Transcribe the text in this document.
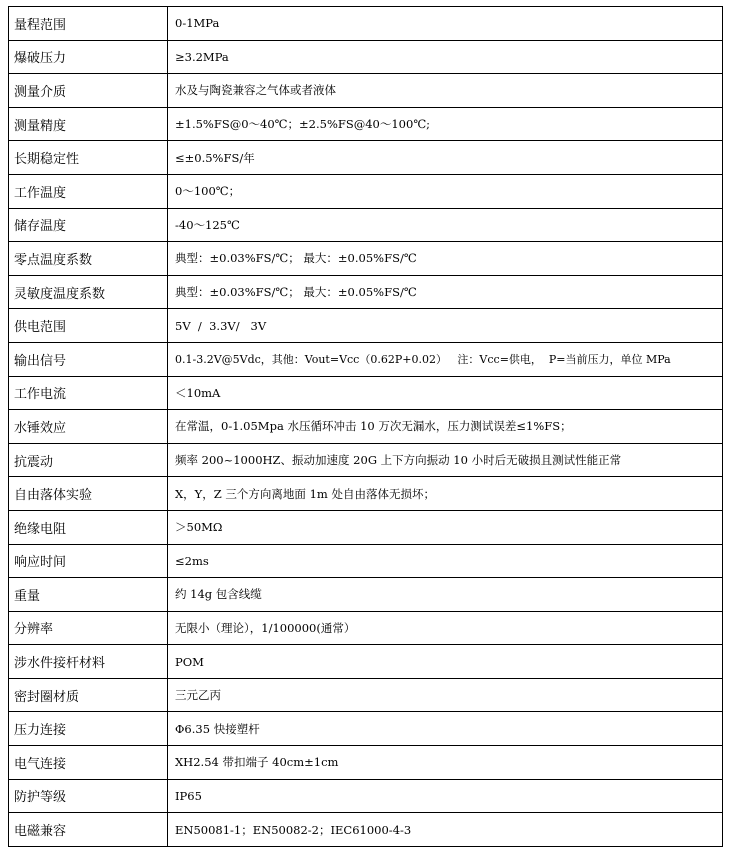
量程范围	0-1MPa
爆破压力	≥3.2MPa
测量介质	水及与陶瓷兼容之气体或者液体
测量精度	±1.5%FS@0～40℃；±2.5%FS@40～100℃;
长期稳定性	≤±0.5%FS/年
工作温度	0～100℃；
储存温度	-40～125℃
零点温度系数	典型：±0.03%FS/℃； 最大：±0.05%FS/℃
灵敏度温度系数	典型：±0.03%FS/℃； 最大：±0.05%FS/℃
供电范围	5V  /  3.3V/   3V
输出信号	0.1-3.2V@5Vdc，其他：Vout=Vcc（0.62P+0.02）   注：Vcc=供电，  P=当前压力，单位 MPa
工作电流	＜10mA
水锤效应	在常温，0-1.05Mpa 水压循环冲击 10 万次无漏水，压力测试误差≤1%FS；
抗震动	频率 200~1000HZ、振动加速度 20G 上下方向振动 10 小时后无破损且测试性能正常
自由落体实验	X，Y，Z 三个方向离地面 1m 处自由落体无损坏；
绝缘电阻	＞50MΩ
响应时间	≤2ms
重量	约 14g 包含线缆
分辨率	无限小（理论），1/100000(通常）
涉水件接杆材料	POM
密封圈材质	三元乙丙
压力连接	Φ6.35 快接塑杆
电气连接	XH2.54 带扣端子 40cm±1cm
防护等级	IP65
电磁兼容	EN50081-1；EN50082-2；IEC61000-4-3
